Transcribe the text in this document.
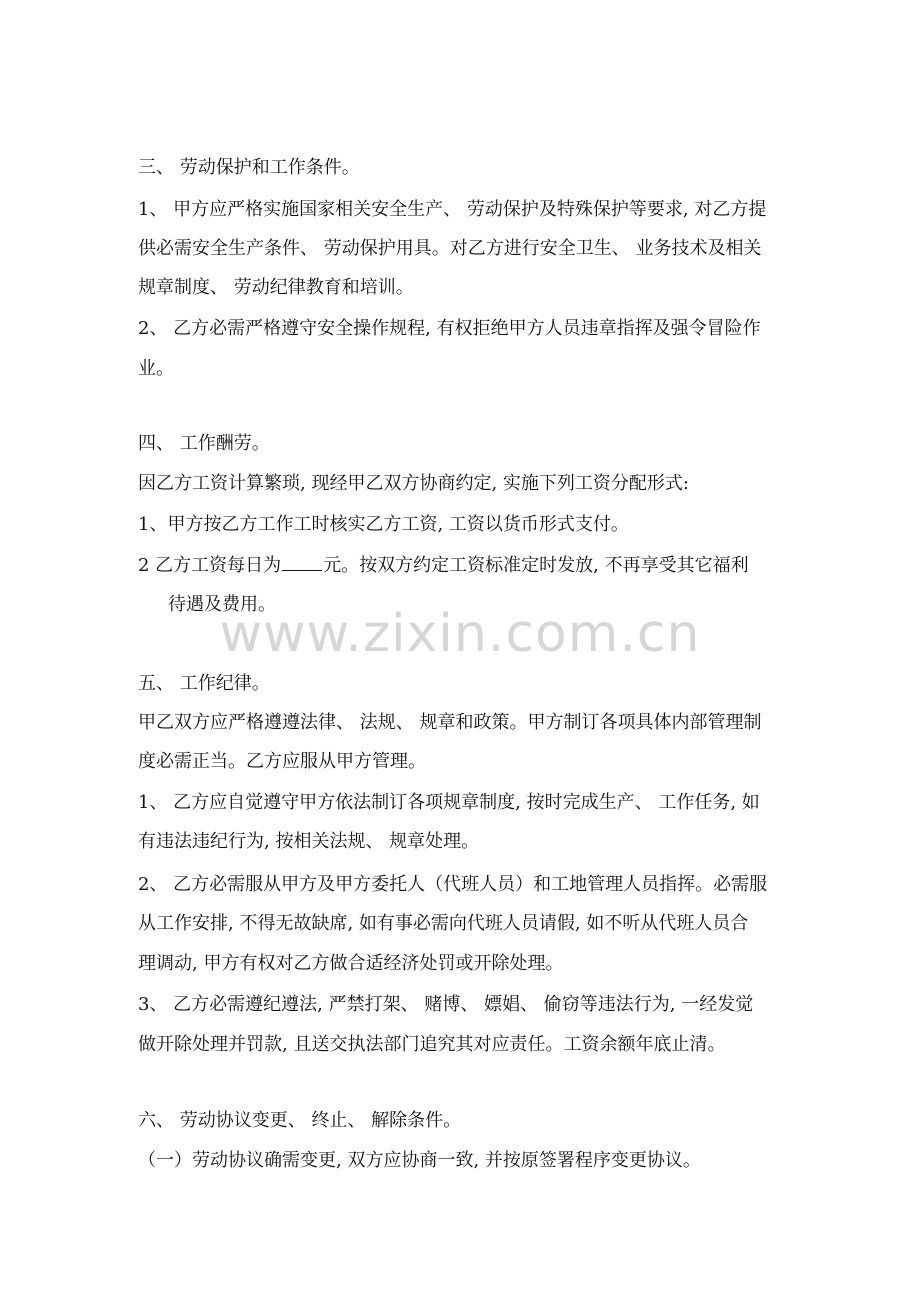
三、 劳动保护和工作条件。

1、 甲方应严格实施国家相关安全生产、 劳动保护及特殊保护等要求, 对乙方提

供必需安全生产条件、 劳动保护用具。对乙方进行安全卫生、 业务技术及相关

规章制度、 劳动纪律教育和培训。

2、 乙方必需严格遵守安全操作规程, 有权拒绝甲方人员违章指挥及强令冒险作

业。

四、 工作酬劳。

因乙方工资计算繁琐, 现经甲乙双方协商约定, 实施下列工资分配形式:

1、甲方按乙方工作工时核实乙方工资, 工资以货币形式支付。

2 乙方工资每日为 元。按双方约定工资标准定时发放, 不再享受其它福利

待遇及费用。

五、 工作纪律。

甲乙双方应严格遵遵法律、 法规、 规章和政策。甲方制订各项具体内部管理制

度必需正当。乙方应服从甲方管理。

1、 乙方应自觉遵守甲方依法制订各项规章制度, 按时完成生产、 工作任务, 如

有违法违纪行为, 按相关法规、 规章处理。

2、 乙方必需服从甲方及甲方委托人（代班人员）和工地管理人员指挥。必需服

从工作安排, 不得无故缺席, 如有事必需向代班人员请假, 如不听从代班人员合

理调动, 甲方有权对乙方做合适经济处罚或开除处理。

3、 乙方必需遵纪遵法, 严禁打架、 赌博、 嫖娼、 偷窃等违法行为, 一经发觉

做开除处理并罚款, 且送交执法部门追究其对应责任。工资余额年底止清。

六、 劳动协议变更、 终止、 解除条件。

（一）劳动协议确需变更, 双方应协商一致, 并按原签署程序变更协议。

www.zixin.com.cn
